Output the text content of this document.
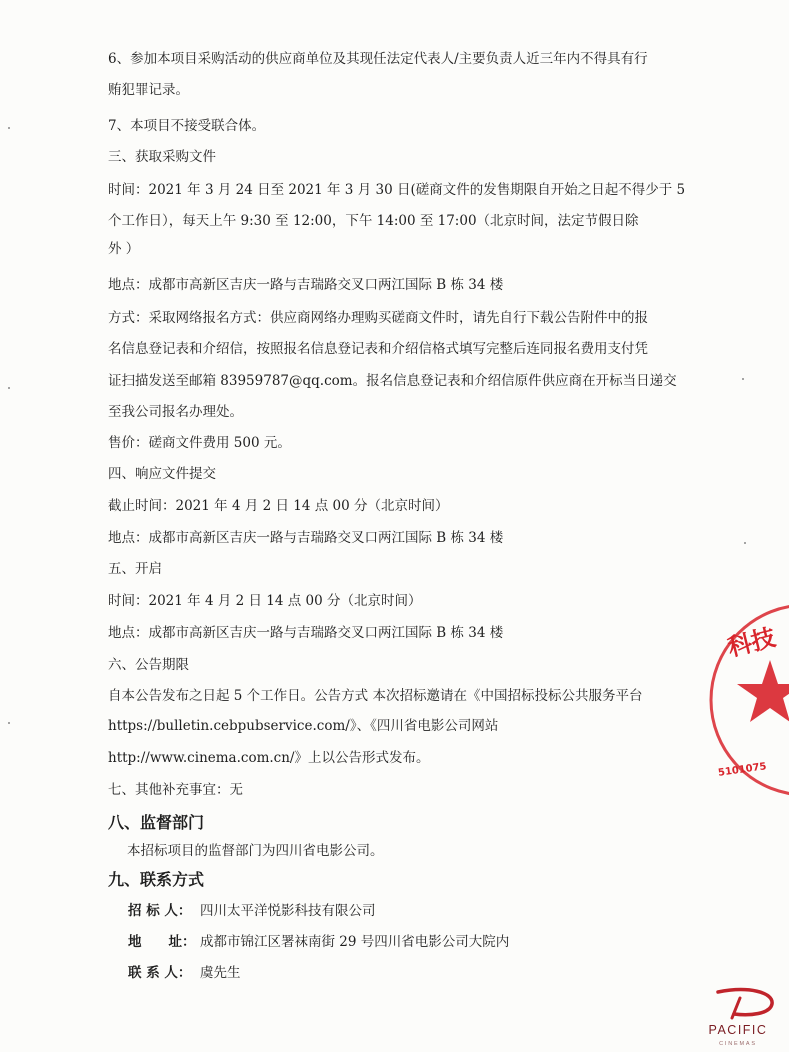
6、参加本项目采购活动的供应商单位及其现任法定代表人/主要负责人近三年内不得具有行
贿犯罪记录。
7、本项目不接受联合体。
三、获取采购文件
时间：2021 年 3 月 24 日至 2021 年 3 月 30 日(磋商文件的发售期限自开始之日起不得少于 5
个工作日），每天上午 9:30 至 12:00，下午 14:00 至 17:00（北京时间，法定节假日除
外 ）
地点：成都市高新区吉庆一路与吉瑞路交叉口两江国际 B 栋 34 楼
方式：采取网络报名方式：供应商网络办理购买磋商文件时，请先自行下载公告附件中的报
名信息登记表和介绍信，按照报名信息登记表和介绍信格式填写完整后连同报名费用支付凭
证扫描发送至邮箱 83959787@qq.com。报名信息登记表和介绍信原件供应商在开标当日递交
至我公司报名办理处。
售价：磋商文件费用 500 元。
四、响应文件提交
截止时间：2021 年 4 月 2 日 14 点 00 分（北京时间）
地点：成都市高新区吉庆一路与吉瑞路交叉口两江国际 B 栋 34 楼
五、开启
时间：2021 年 4 月 2 日 14 点 00 分（北京时间）
地点：成都市高新区吉庆一路与吉瑞路交叉口两江国际 B 栋 34 楼
六、公告期限
自本公告发布之日起 5 个工作日。公告方式 本次招标邀请在《中国招标投标公共服务平台
https://bulletin.cebpubservice.com/》、《四川省电影公司网站
http://www.cinema.com.cn/》上以公告形式发布。
七、其他补充事宜：无
八、监督部门
本招标项目的监督部门为四川省电影公司。
九、联系方式
招 标 人： 四川太平洋悦影科技有限公司
地　　址： 成都市锦江区署袜南街 29 号四川省电影公司大院内
联 系 人： 虞先生
科技
5101075
PACIFIC
CINEMAS
